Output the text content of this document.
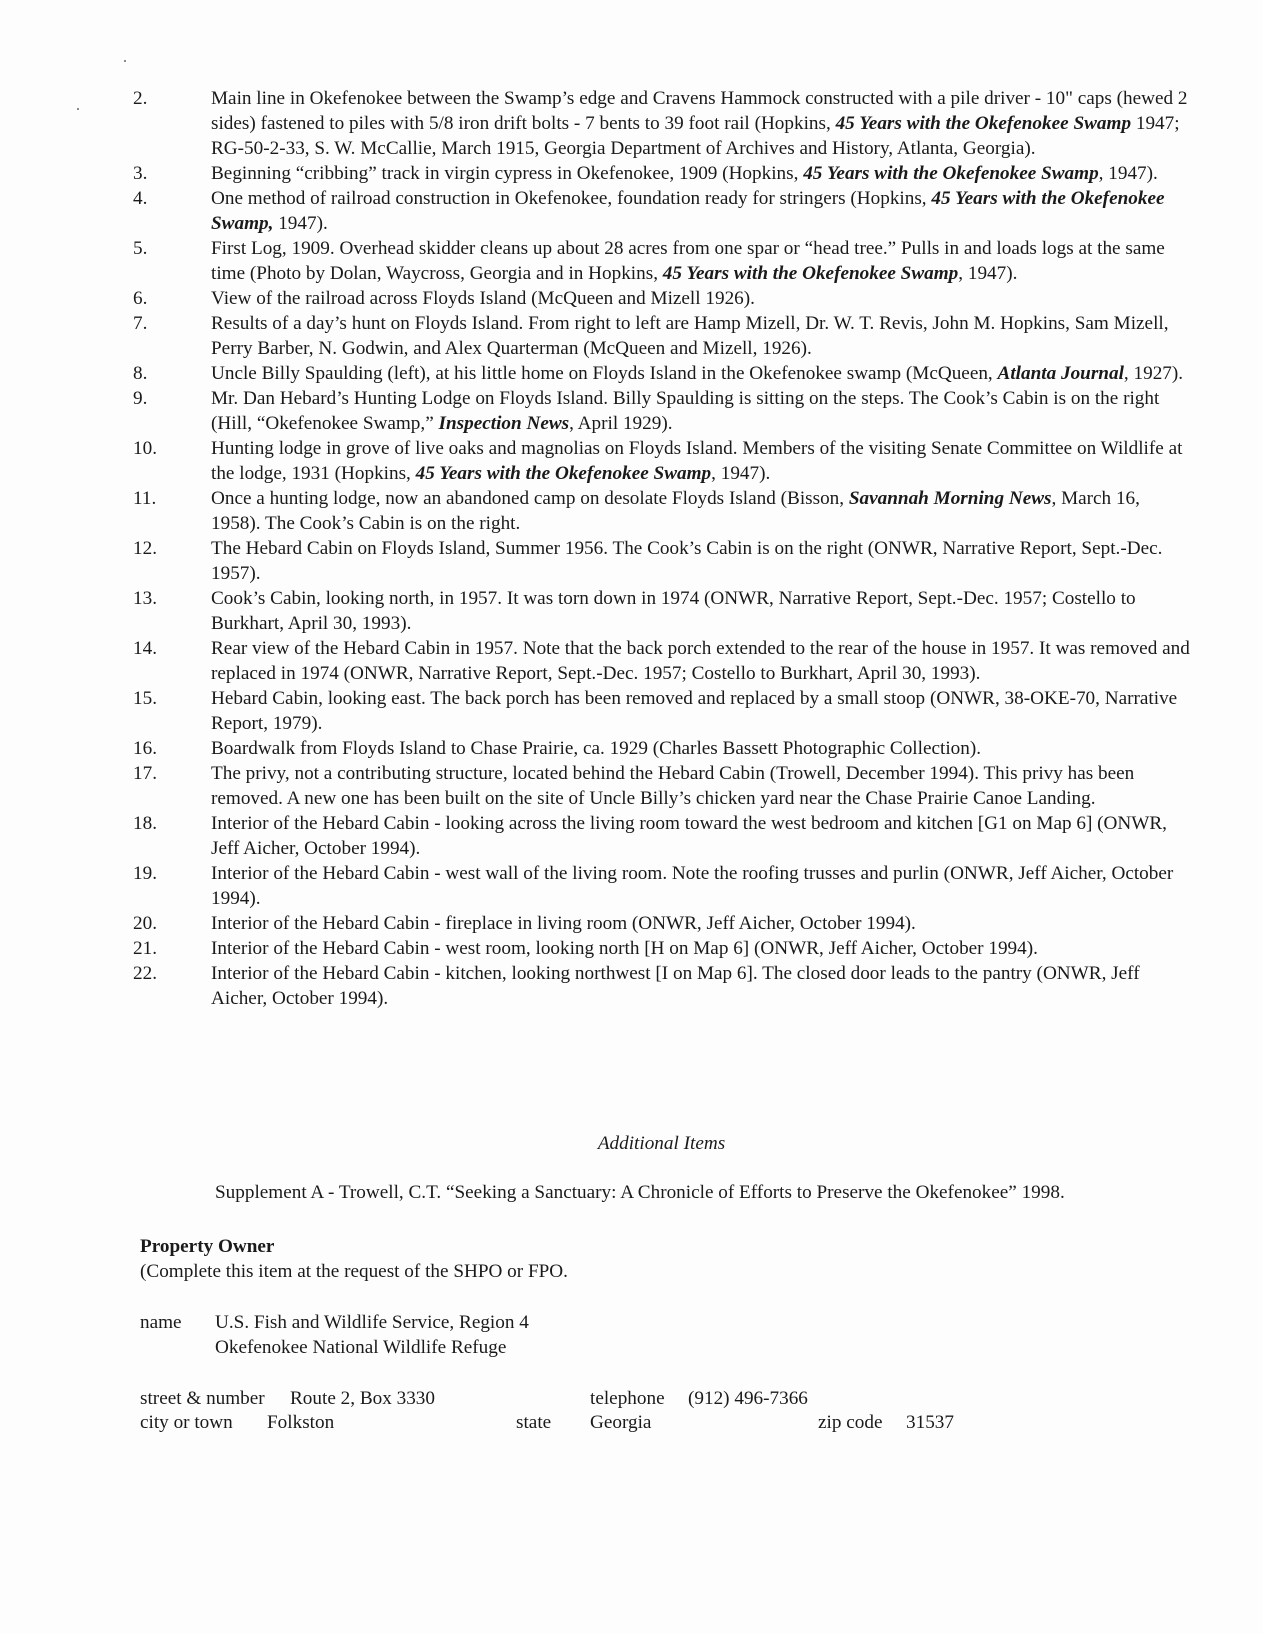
2.	Main line in Okefenokee between the Swamp’s edge and Cravens Hammock constructed with a pile driver - 10" caps (hewed 2 sides) fastened to piles with 5/8 iron drift bolts - 7 bents to 39 foot rail (Hopkins, 45 Years with the Okefenokee Swamp 1947; RG-50-2-33, S. W. McCallie, March 1915, Georgia Department of Archives and History, Atlanta, Georgia).
3.	Beginning “cribbing” track in virgin cypress in Okefenokee, 1909 (Hopkins, 45 Years with the Okefenokee Swamp, 1947).
4.	One method of railroad construction in Okefenokee, foundation ready for stringers (Hopkins, 45 Years with the Okefenokee Swamp, 1947).
5.	First Log, 1909. Overhead skidder cleans up about 28 acres from one spar or “head tree.” Pulls in and loads logs at the same time (Photo by Dolan, Waycross, Georgia and in Hopkins, 45 Years with the Okefenokee Swamp, 1947).
6.	View of the railroad across Floyds Island (McQueen and Mizell 1926).
7.	Results of a day’s hunt on Floyds Island. From right to left are Hamp Mizell, Dr. W. T. Revis, John M. Hopkins, Sam Mizell, Perry Barber, N. Godwin, and Alex Quarterman (McQueen and Mizell, 1926).
8.	Uncle Billy Spaulding (left), at his little home on Floyds Island in the Okefenokee swamp (McQueen, Atlanta Journal, 1927).
9.	Mr. Dan Hebard’s Hunting Lodge on Floyds Island. Billy Spaulding is sitting on the steps. The Cook’s Cabin is on the right (Hill, “Okefenokee Swamp,” Inspection News, April 1929).
10.	Hunting lodge in grove of live oaks and magnolias on Floyds Island. Members of the visiting Senate Committee on Wildlife at the lodge, 1931 (Hopkins, 45 Years with the Okefenokee Swamp, 1947).
11.	Once a hunting lodge, now an abandoned camp on desolate Floyds Island (Bisson, Savannah Morning News, March 16, 1958). The Cook’s Cabin is on the right.
12.	The Hebard Cabin on Floyds Island, Summer 1956. The Cook’s Cabin is on the right (ONWR, Narrative Report, Sept.-Dec. 1957).
13.	Cook’s Cabin, looking north, in 1957. It was torn down in 1974 (ONWR, Narrative Report, Sept.-Dec. 1957; Costello to Burkhart, April 30, 1993).
14.	Rear view of the Hebard Cabin in 1957. Note that the back porch extended to the rear of the house in 1957. It was removed and replaced in 1974 (ONWR, Narrative Report, Sept.-Dec. 1957; Costello to Burkhart, April 30, 1993).
15.	Hebard Cabin, looking east. The back porch has been removed and replaced by a small stoop (ONWR, 38-OKE-70, Narrative Report, 1979).
16.	Boardwalk from Floyds Island to Chase Prairie, ca. 1929 (Charles Bassett Photographic Collection).
17.	The privy, not a contributing structure, located behind the Hebard Cabin (Trowell, December 1994). This privy has been removed. A new one has been built on the site of Uncle Billy’s chicken yard near the Chase Prairie Canoe Landing.
18.	Interior of the Hebard Cabin - looking across the living room toward the west bedroom and kitchen [G1 on Map 6] (ONWR, Jeff Aicher, October 1994).
19.	Interior of the Hebard Cabin - west wall of the living room. Note the roofing trusses and purlin (ONWR, Jeff Aicher, October 1994).
20.	Interior of the Hebard Cabin - fireplace in living room (ONWR, Jeff Aicher, October 1994).
21.	Interior of the Hebard Cabin - west room, looking north [H on Map 6] (ONWR, Jeff Aicher, October 1994).
22.	Interior of the Hebard Cabin - kitchen, looking northwest [I on Map 6]. The closed door leads to the pantry (ONWR, Jeff Aicher, October 1994).
Additional Items
Supplement A - Trowell, C.T. “Seeking a Sanctuary: A Chronicle of Efforts to Preserve the Okefenokee” 1998.
Property Owner
(Complete this item at the request of the SHPO or FPO.
name U.S. Fish and Wildlife Service, Region 4
Okefenokee National Wildlife Refuge
street & number Route 2, Box 3330	telephone (912) 496-7366
city or town Folkston	state Georgia	zip code 31537
